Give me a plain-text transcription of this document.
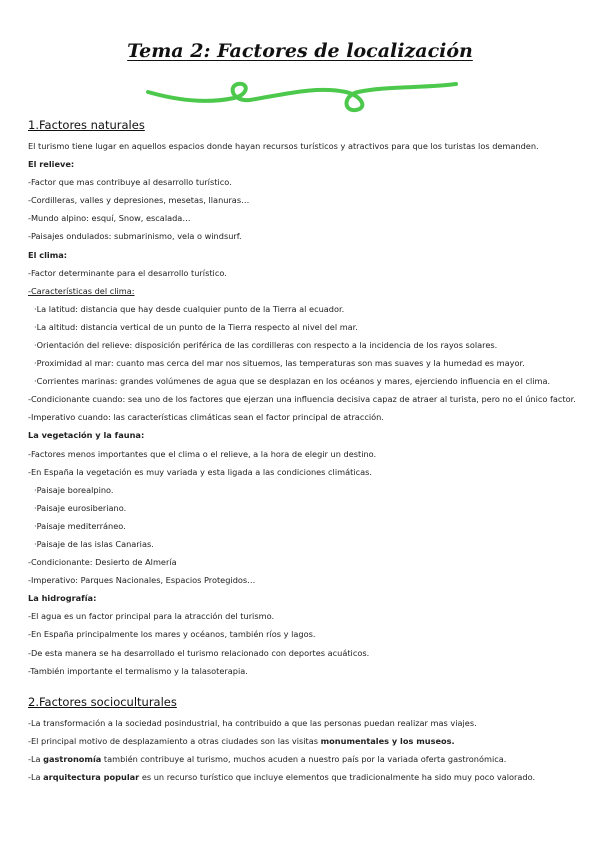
Tema 2: Factores de localización
1.Factores naturales
El turismo tiene lugar en aquellos espacios donde hayan recursos turísticos y atractivos para que los turistas los demanden.
El relieve:
-Factor que mas contribuye al desarrollo turístico.
-Cordilleras, valles y depresiones, mesetas, llanuras…
-Mundo alpino: esquí, Snow, escalada…
-Paisajes ondulados: submarinismo, vela o windsurf.
El clima:
-Factor determinante para el desarrollo turístico.
-Características del clima:
·La latitud: distancia que hay desde cualquier punto de la Tierra al ecuador.
·La altitud: distancia vertical de un punto de la Tierra respecto al nivel del mar.
·Orientación del relieve: disposición periférica de las cordilleras con respecto a la incidencia de los rayos solares.
·Proximidad al mar: cuanto mas cerca del mar nos situemos, las temperaturas son mas suaves y la humedad es mayor.
·Corrientes marinas: grandes volúmenes de agua que se desplazan en los océanos y mares, ejerciendo influencia en el clima.
-Condicionante cuando: sea uno de los factores que ejerzan una influencia decisiva capaz de atraer al turista, pero no el único factor.
-Imperativo cuando: las características climáticas sean el factor principal de atracción.
La vegetación y la fauna:
-Factores menos importantes que el clima o el relieve, a la hora de elegir un destino.
-En España la vegetación es muy variada y esta ligada a las condiciones climáticas.
·Paisaje borealpino.
·Paisaje eurosiberiano.
·Paisaje mediterráneo.
·Paisaje de las islas Canarias.
-Condicionante: Desierto de Almería
-Imperativo: Parques Nacionales, Espacios Protegidos…
La hidrografía:
-El agua es un factor principal para la atracción del turismo.
-En España principalmente los mares y océanos, también ríos y lagos.
-De esta manera se ha desarrollado el turismo relacionado con deportes acuáticos.
-También importante el termalismo y la talasoterapia.
2.Factores socioculturales
-La transformación a la sociedad posindustrial, ha contribuido a que las personas puedan realizar mas viajes.
-El principal motivo de desplazamiento a otras ciudades son las visitas monumentales y los museos.
-La gastronomía también contribuye al turismo, muchos acuden a nuestro país por la variada oferta gastronómica.
-La arquitectura popular es un recurso turístico que incluye elementos que tradicionalmente ha sido muy poco valorado.
